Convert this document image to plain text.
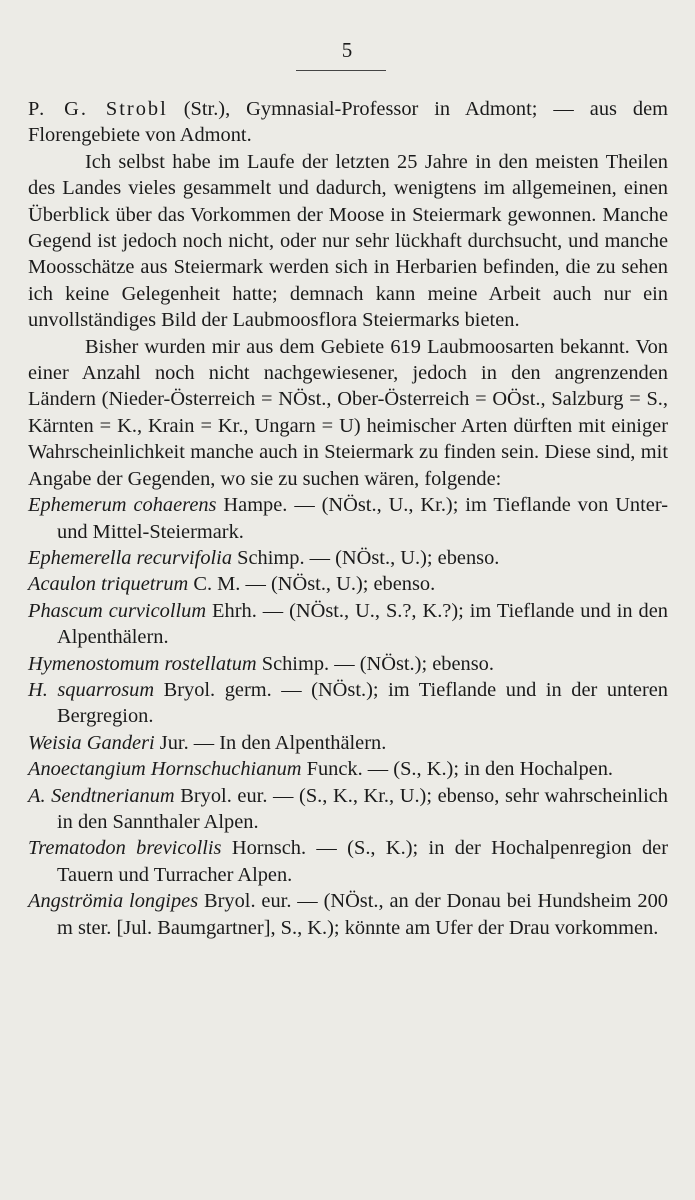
5

P. G. Strobl (Str.), Gymnasial-Professor in Admont; — aus dem Florengebiete von Admont.

Ich selbst habe im Laufe der letzten 25 Jahre in den meisten Theilen des Landes vieles gesammelt und dadurch, wenigtens im allgemeinen, einen Überblick über das Vorkommen der Moose in Steiermark gewonnen. Manche Gegend ist jedoch noch nicht, oder nur sehr lückhaft durchsucht, und manche Moosschätze aus Steiermark werden sich in Herbarien befinden, die zu sehen ich keine Gelegenheit hatte; demnach kann meine Arbeit auch nur ein unvollständiges Bild der Laubmoosflora Steiermarks bieten.

Bisher wurden mir aus dem Gebiete 619 Laubmoosarten bekannt. Von einer Anzahl noch nicht nachgewiesener, jedoch in den angrenzenden Ländern (Nieder-Österreich = NÖst., Ober-Österreich = OÖst., Salzburg = S., Kärnten = K., Krain = Kr., Ungarn = U) heimischer Arten dürften mit einiger Wahrscheinlichkeit manche auch in Steiermark zu finden sein. Diese sind, mit Angabe der Gegenden, wo sie zu suchen wären, folgende:

Ephemerum cohaerens Hampe. — (NÖst., U., Kr.); im Tieflande von Unter- und Mittel-Steiermark.

Ephemerella recurvifolia Schimp. — (NÖst., U.); ebenso.

Acaulon triquetrum C. M. — (NÖst., U.); ebenso.

Phascum curvicollum Ehrh. — (NÖst., U., S.?, K.?); im Tieflande und in den Alpenthälern.

Hymenostomum rostellatum Schimp. — (NÖst.); ebenso.

H. squarrosum Bryol. germ. — (NÖst.); im Tieflande und in der unteren Bergregion.

Weisia Ganderi Jur. — In den Alpenthälern.

Anoectangium Hornschuchianum Funck. — (S., K.); in den Hochalpen.

A. Sendtnerianum Bryol. eur. — (S., K., Kr., U.); ebenso, sehr wahrscheinlich in den Sannthaler Alpen.

Trematodon brevicollis Hornsch. — (S., K.); in der Hochalpenregion der Tauern und Turracher Alpen.

Angströmia longipes Bryol. eur. — (NÖst., an der Donau bei Hundsheim 200 m ster. [Jul. Baumgartner], S., K.); könnte am Ufer der Drau vorkommen.
